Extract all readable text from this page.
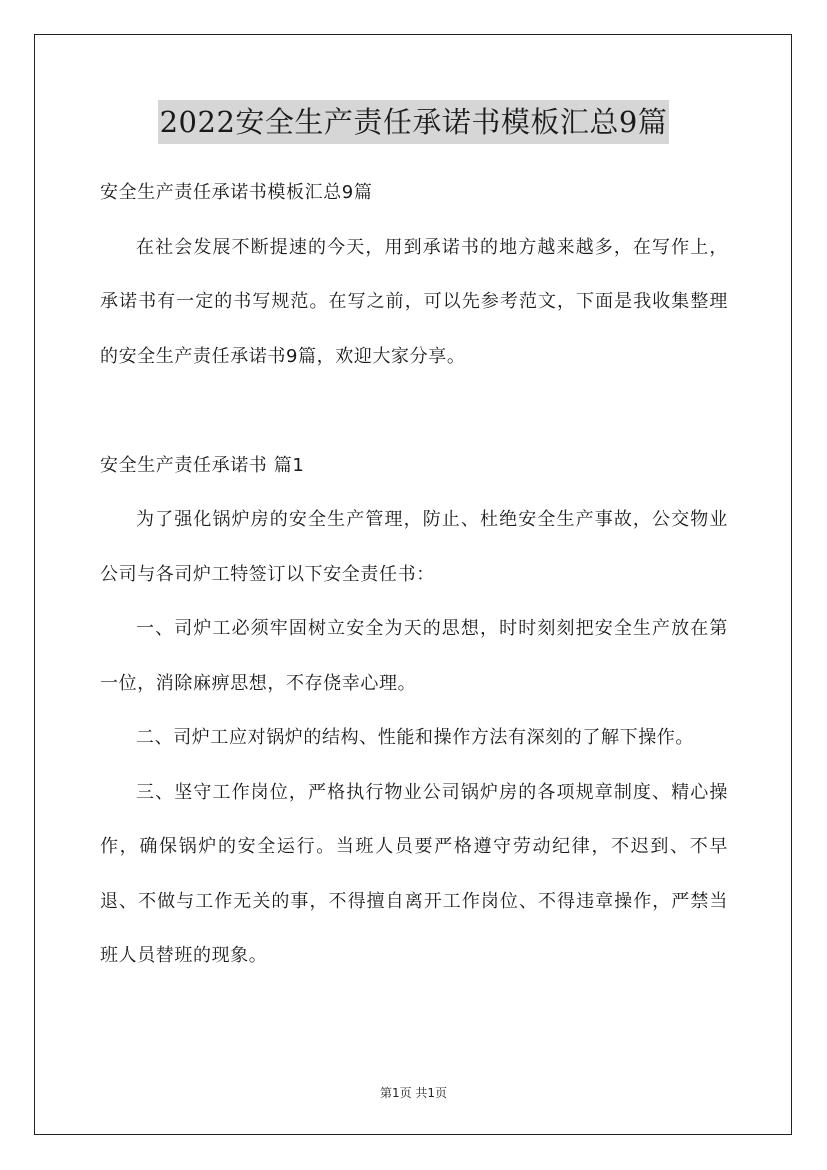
2022安全生产责任承诺书模板汇总9篇

安全生产责任承诺书模板汇总9篇

在社会发展不断提速的今天，用到承诺书的地方越来越多，在写作上，承诺书有一定的书写规范。在写之前，可以先参考范文，下面是我收集整理的安全生产责任承诺书9篇，欢迎大家分享。

安全生产责任承诺书 篇1

为了强化锅炉房的安全生产管理，防止、杜绝安全生产事故，公交物业公司与各司炉工特签订以下安全责任书：

一、司炉工必须牢固树立安全为天的思想，时时刻刻把安全生产放在第一位，消除麻痹思想，不存侥幸心理。

二、司炉工应对锅炉的结构、性能和操作方法有深刻的了解下操作。

三、坚守工作岗位，严格执行物业公司锅炉房的各项规章制度、精心操作，确保锅炉的安全运行。当班人员要严格遵守劳动纪律，不迟到、不早退、不做与工作无关的事，不得擅自离开工作岗位、不得违章操作，严禁当班人员替班的现象。

第1页 共1页
